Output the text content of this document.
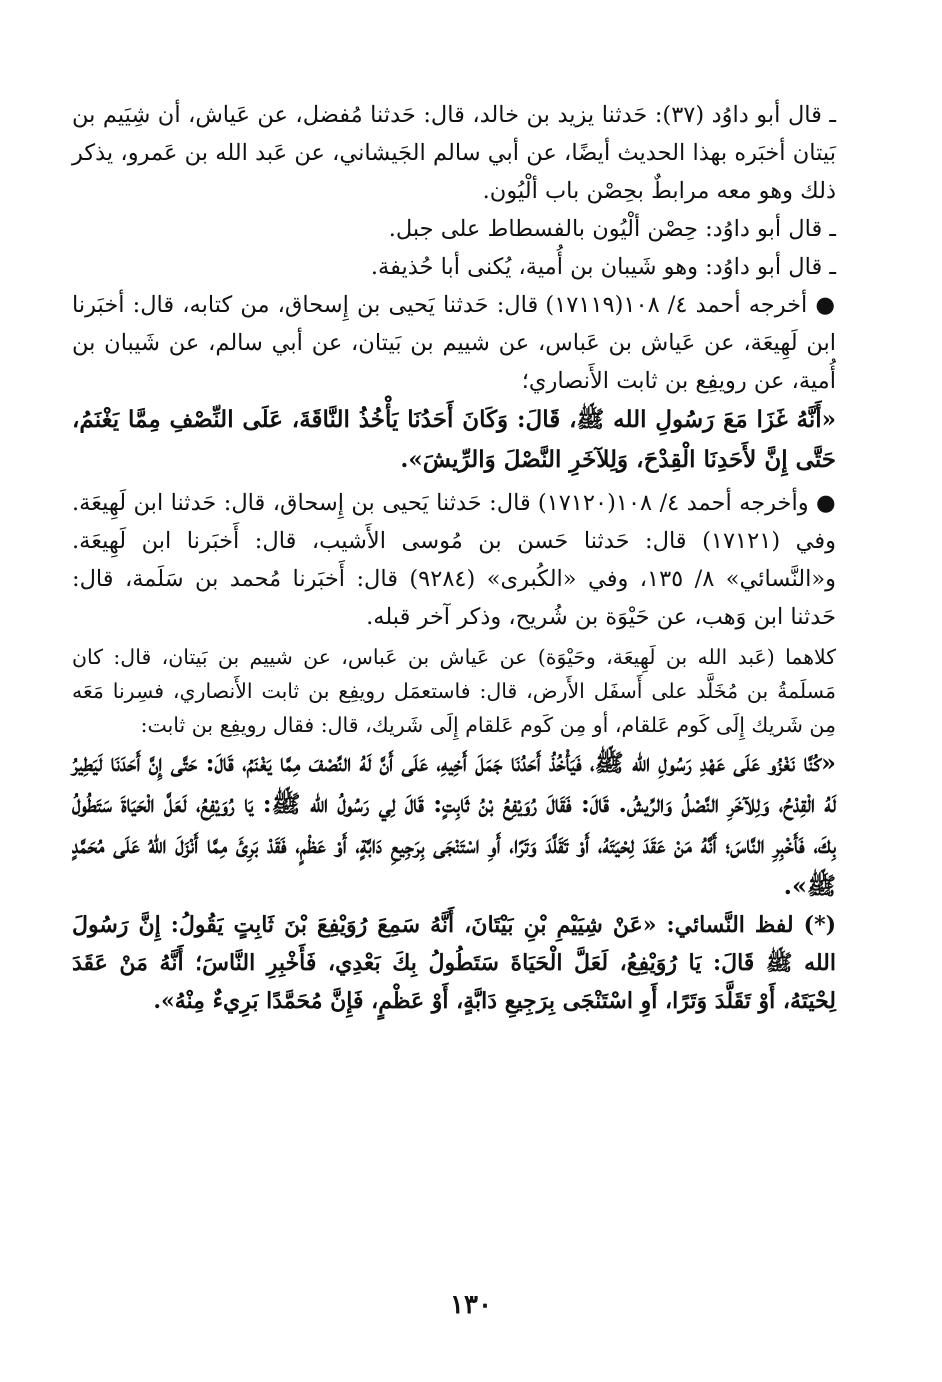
ـ قال أبو داوُد (٣٧): حَدثنا يزيد بن خالد، قال: حَدثنا مُفضل، عن عَياش، أن شِيَيم بن بَيتان أخبَره بهذا الحديث أيضًا، عن أبي سالم الجَيشاني، عن عَبد الله بن عَمرو، يذكر ذلك وهو معه مرابطٌ بحِصْن باب ألْيُون.

ـ قال أبو داوُد: حِصْن ألْيُون بالفسطاط على جبل.

ـ قال أبو داوُد: وهو شَيبان بن أُمية، يُكنى أبا حُذيفة.

● أخرجه أحمد ٤/ ١٠٨(١٧١١٩) قال: حَدثنا يَحيى بن إِسحاق، من كتابه، قال: أخبَرنا ابن لَهِيعَة، عن عَياش بن عَباس، عن شييم بن بَيتان، عن أبي سالم، عن شَيبان بن أُمية، عن رويفِع بن ثابت الأَنصاري؛

«أَنَّهُ غَزَا مَعَ رَسُولِ الله ﷺ، قَالَ: وَكَانَ أَحَدُنَا يَأْخُذُ النَّاقَةَ، عَلَى النِّصْفِ مِمَّا يَغْنَمُ، حَتَّى إِنَّ لأَحَدِنَا الْقِدْحَ، وَلِلآخَرِ النَّصْلَ وَالرِّيشَ».

● وأخرجه أحمد ٤/ ١٠٨(١٧١٢٠) قال: حَدثنا يَحيى بن إِسحاق، قال: حَدثنا ابن لَهِيعَة. وفي (١٧١٢١) قال: حَدثنا حَسن بن مُوسى الأَشيب، قال: أَخبَرنا ابن لَهِيعَة. و«النَّسائي» ٨/ ١٣٥، وفي «الكُبرى» (٩٢٨٤) قال: أَخبَرنا مُحمد بن سَلَمة، قال: حَدثنا ابن وَهب، عن حَيْوَة بن شُريح، وذكر آخر قبله.

كلاهما (عَبد الله بن لَهِيعَة، وحَيْوَة) عن عَياش بن عَباس، عن شييم بن بَيتان، قال: كان مَسلَمةُ بن مُخَلَّد على أَسفَل الأَرض، قال: فاستعمَل رويفِع بن ثابت الأَنصاري، فسِرنا مَعَه مِن شَريك إِلَى كَوم عَلقام، أو مِن كَوم عَلقام إِلَى شَريك، قال: فقال رويفِع بن ثابت:

«كُنَّا نَغْزُو عَلَى عَهْدِ رَسُولِ الله ﷺ، فَيَأْخُذُ أَحَدُنَا جَمَلَ أَخِيهِ، عَلَى أَنَّ لَهُ النِّصْفَ مِمَّا يَغْنَمُ، قَالَ: حَتَّى إِنَّ أَحَدَنَا لَيَطِيرُ لَهُ الْقِدْحُ، وَلِلآخَرِ النَّصْلُ وَالرِّيشُ. قَالَ: فَقَالَ رُوَيْفِعُ بْنُ ثَابِتٍ: قَالَ لِي رَسُولُ الله ﷺ: يَا رُوَيْفِعُ، لَعَلَّ الْحَيَاةَ سَتَطُولُ بِكَ، فَأَخْبِرِ النَّاسَ؛ أَنَّهُ مَنْ عَقَدَ لِحْيَتَهُ، أَوْ تَقَلَّدَ وَتَرًا، أَوِ اسْتَنْجَى بِرَجِيعِ دَابَّةٍ، أَوْ عَظْمٍ، فَقَدْ بَرِئَ مِمَّا أَنْزَلَ اللهُ عَلَى مُحَمَّدٍ ﷺ».

(*) لفظ النَّسائي: «عَنْ شِيَيْمِ بْنِ بَيْتَانَ، أَنَّهُ سَمِعَ رُوَيْفِعَ بْنَ ثَابِتٍ يَقُولُ: إِنَّ رَسُولَ الله ﷺ قَالَ: يَا رُوَيْفِعُ، لَعَلَّ الْحَيَاةَ سَتَطُولُ بِكَ بَعْدِي، فَأَخْبِرِ النَّاسَ؛ أَنَّهُ مَنْ عَقَدَ لِحْيَتَهُ، أَوْ تَقَلَّدَ وَتَرًا، أَوِ اسْتَنْجَى بِرَجِيعِ دَابَّةٍ، أَوْ عَظْمٍ، فَإِنَّ مُحَمَّدًا بَرِيءٌ مِنْهُ».

١٣٠
